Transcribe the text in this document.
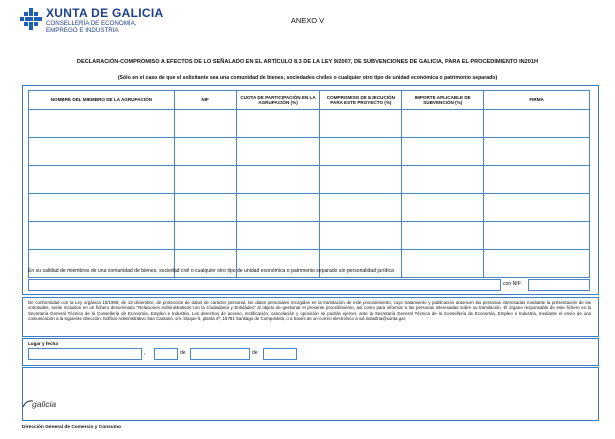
XUNTA DE GALICIA
CONSELLERÍA DE ECONOMÍA,
EMPREGO E INDUSTRIA
ANEXO V
DECLARACIÓN-COMPROMISO A EFECTOS DE LO SEÑALADO EN EL ARTÍCULO 8.3 DE LA LEY 9/2007, DE SUBVENCIONES DE GALICIA, PARA EL PROCEDIMIENTO IN201H
(Sólo en el caso de que el solicitante sea una comunidad de bienes, sociedades civiles o cualquier otro tipo de unidad económica o patrimonio separado)
NOMBRE DEL MIEMBRO DE LA AGRUPACIÓN	NIF	CUOTA DE PARTICIPACIÓN EN LA AGRUPACIÓN (%)	COMPROMISO DE EJECUCIÓN PARA ESTE PROYECTO (%)	IMPORTE APLICABLE DE SUBVENCIÓN (%)	FIRMA

En su calidad de miembros de una comunidad de bienes, sociedad civil o cualquier otro tipo de unidad económica o patrimonio separado sin personalidad jurídica
con NIF
De conformidad con la Ley orgánica 15/1999, de 13 diciembre, de protección de datos de carácter personal, los datos personales recogidos en la tramitación de este procedimiento, cuyo tratamiento y publicación autoricen las personas interesadas mediante la presentación de las solicitudes, serán incluidos en un fichero denominado "Relaciones Administrativas con la Ciudadanía y Entidades" al objeto de gestionar el presente procedimiento, así como para informar a las personas interesadas sobre su tramitación. El órgano responsable de este fichero es la Secretaría General Técnica de la Consellería de Economía, Empleo e Industria. Los derechos de acceso, rectificación, cancelación y oposición se podrán ejercer, ante la Secretaría General Técnica de la Consellería de Economía, Empleo e Industria, mediante el envío de una comunicación a la siguiente dirección: Edificio Administrativo San Caetano, s/n, bloque 5, planta 4ª, 15781 Santiago de Compostela, o a través de un correo electrónico a sxt.industria@xunta.gal.
Lugar y fecha
,	de	de
galicia
Dirección General de Comercio y Consumo
